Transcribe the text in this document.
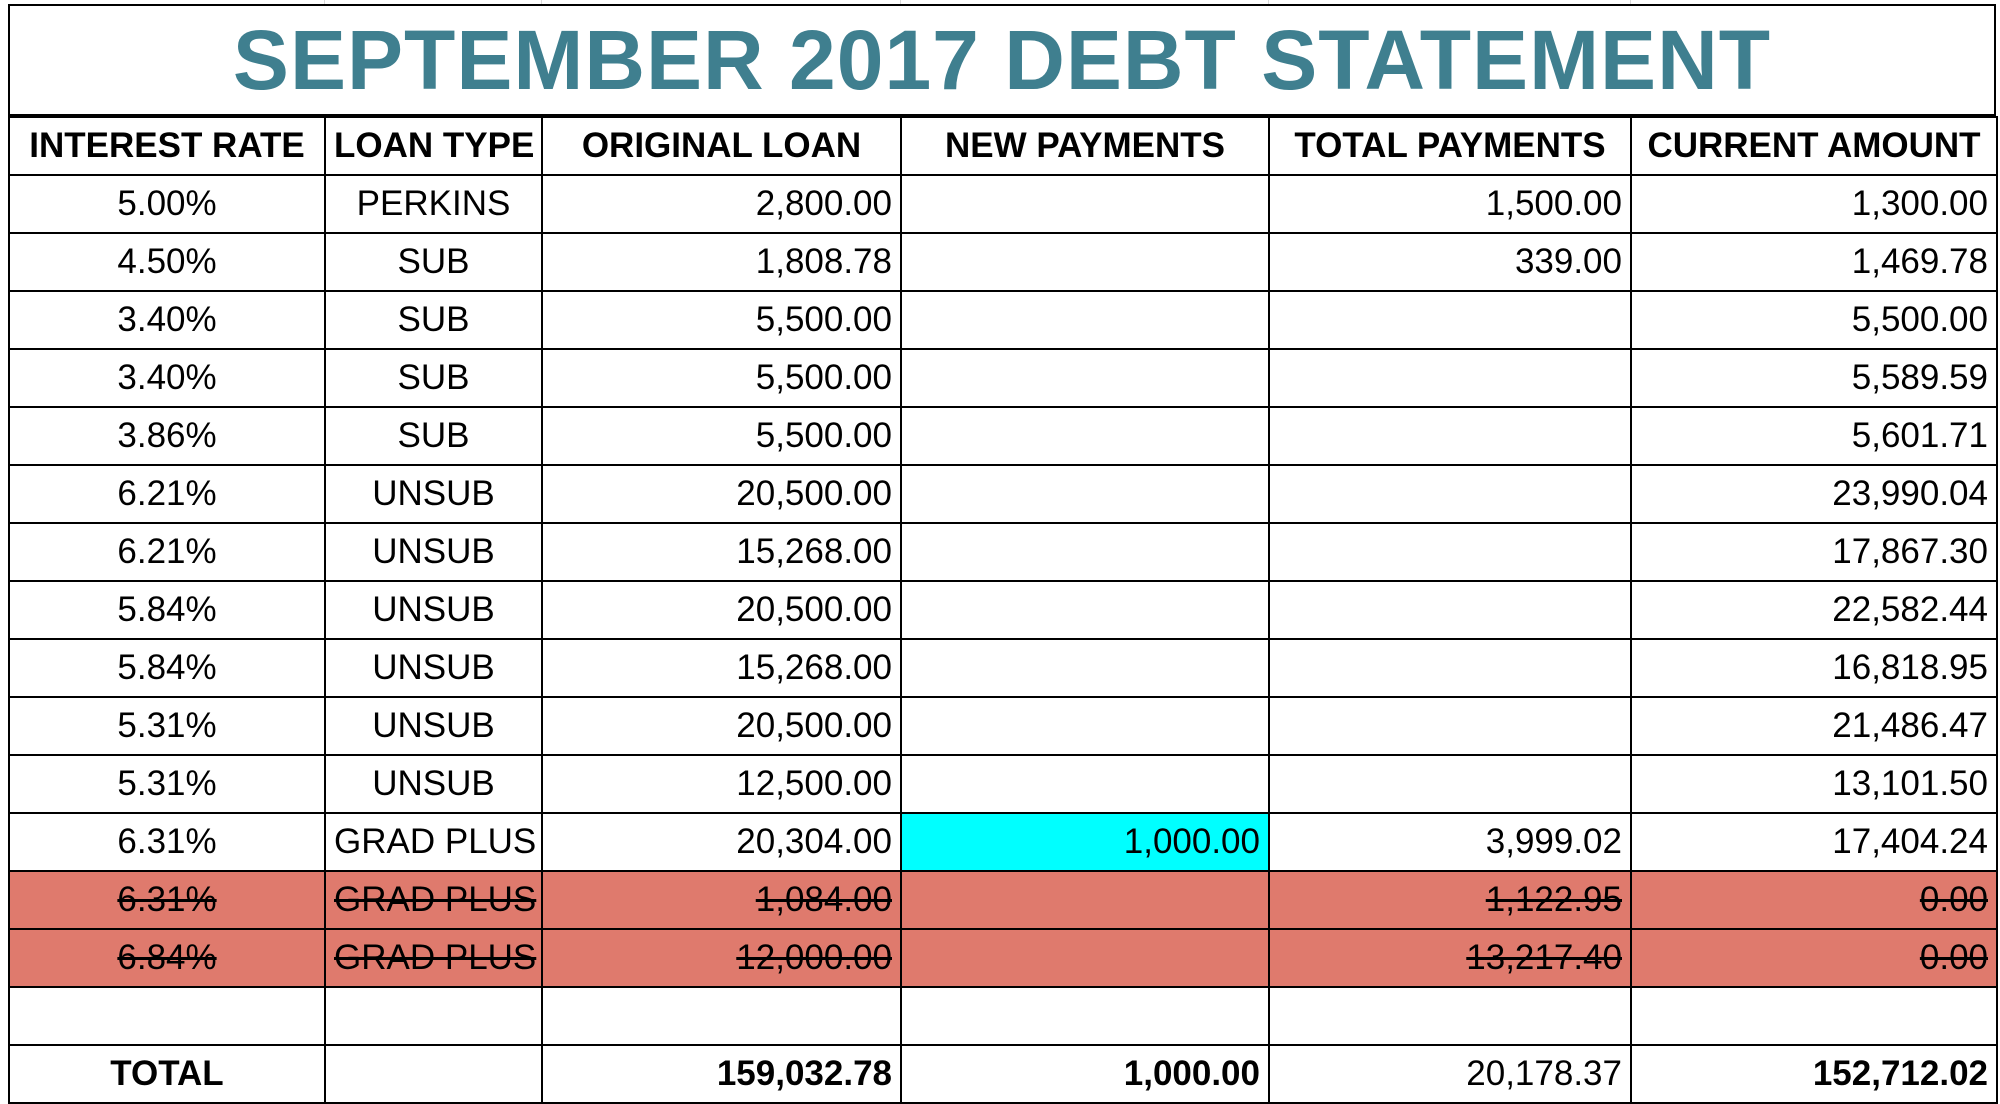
SEPTEMBER 2017 DEBT STATEMENT
INTEREST RATE	LOAN TYPE	ORIGINAL LOAN	NEW PAYMENTS	TOTAL PAYMENTS	CURRENT AMOUNT
5.00%	PERKINS	2,800.00		1,500.00	1,300.00
4.50%	SUB	1,808.78		339.00	1,469.78
3.40%	SUB	5,500.00			5,500.00
3.40%	SUB	5,500.00			5,589.59
3.86%	SUB	5,500.00			5,601.71
6.21%	UNSUB	20,500.00			23,990.04
6.21%	UNSUB	15,268.00			17,867.30
5.84%	UNSUB	20,500.00			22,582.44
5.84%	UNSUB	15,268.00			16,818.95
5.31%	UNSUB	20,500.00			21,486.47
5.31%	UNSUB	12,500.00			13,101.50
6.31%	GRAD PLUS	20,304.00	1,000.00	3,999.02	17,404.24
6.31%	GRAD PLUS	1,084.00		1,122.95	0.00
6.84%	GRAD PLUS	12,000.00		13,217.40	0.00

TOTAL		159,032.78	1,000.00	20,178.37	152,712.02
